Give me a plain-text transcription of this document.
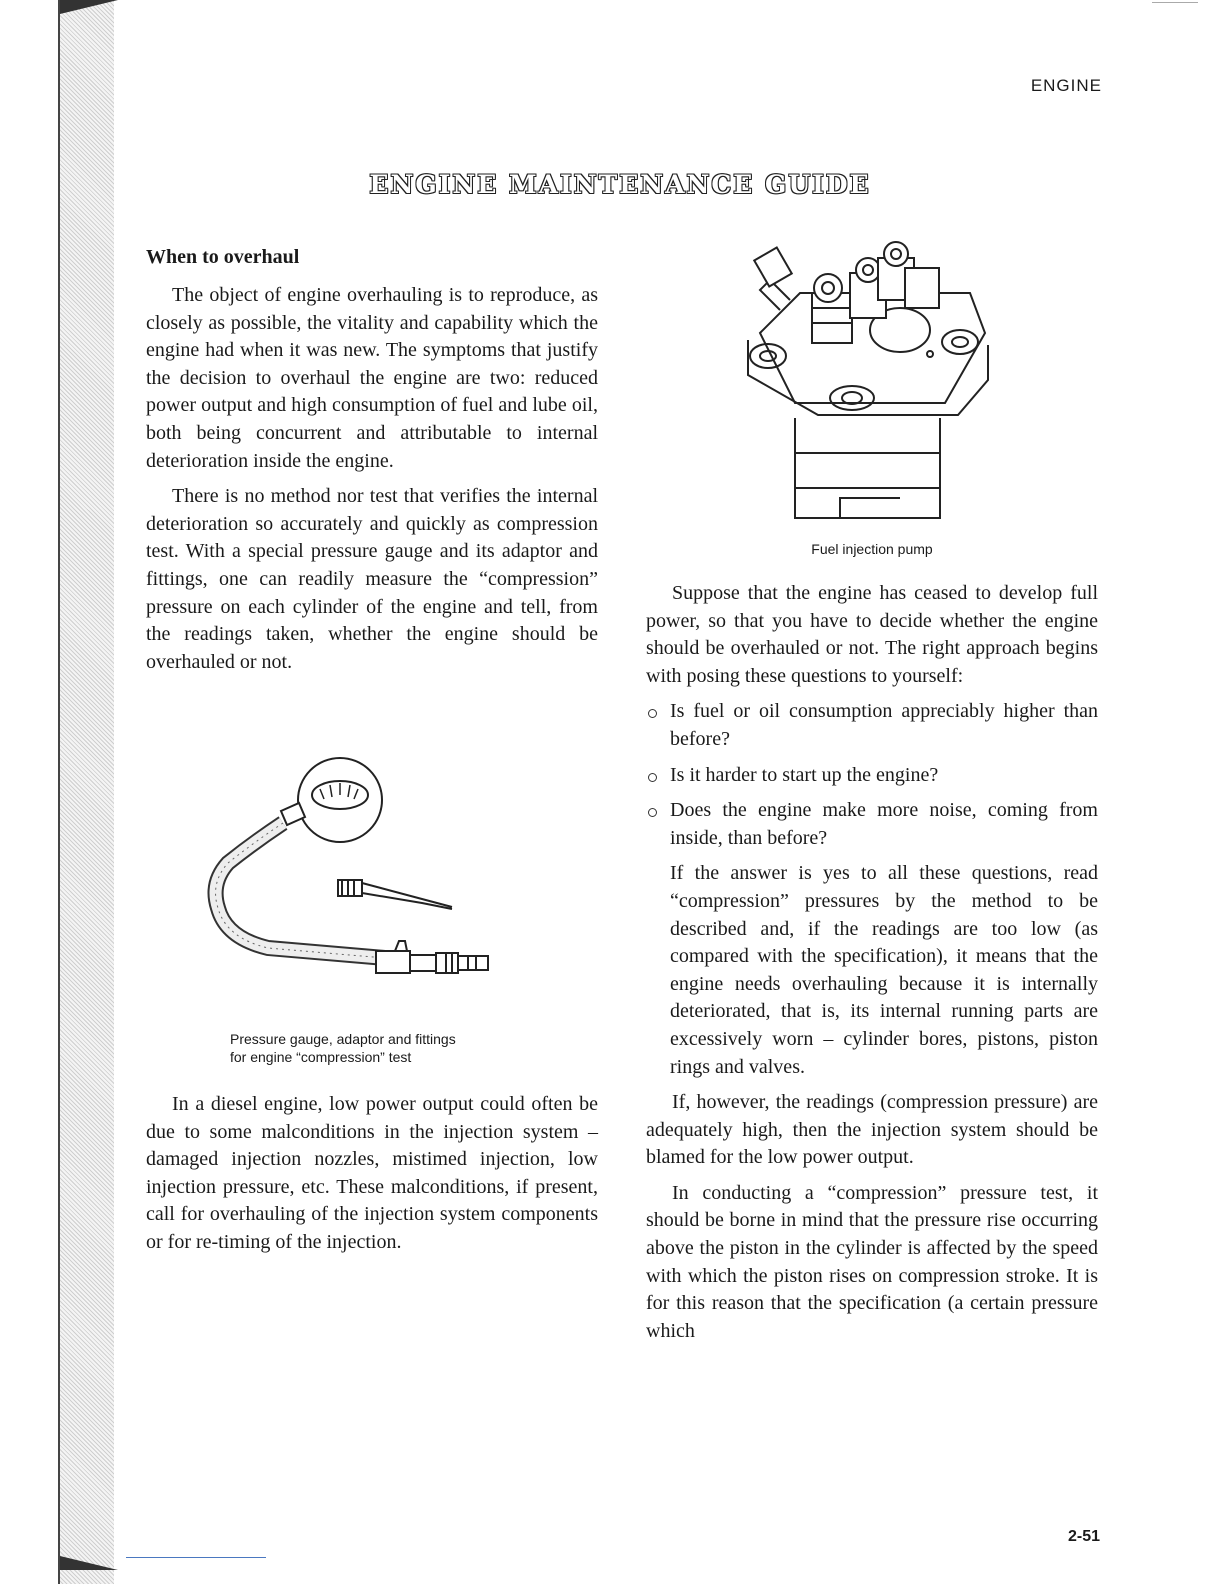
ENGINE
ENGINE MAINTENANCE GUIDE
When to overhaul

The object of engine overhauling is to reproduce, as closely as possible, the vitality and capability which the engine had when it was new. The symptoms that justify the decision to overhaul the engine are two: reduced power output and high consumption of fuel and lube oil, both being concurrent and attributable to internal deterioration inside the engine.

There is no method nor test that verifies the internal deterioration so accurately and quickly as compression test. With a special pressure gauge and its adaptor and fittings, one can readily measure the “compression” pressure on each cylinder of the engine and tell, from the readings taken, whether the engine should be overhauled or not.

Pressure gauge, adaptor and fittings
for engine “compression” test

In a diesel engine, low power output could often be due to some malconditions in the injection system – damaged injection nozzles, mistimed injection, low injection pressure, etc. These malconditions, if present, call for overhauling of the injection system components or for re-timing of the injection.

Fuel injection pump

Suppose that the engine has ceased to develop full power, so that you have to decide whether the engine should be overhauled or not. The right approach begins with posing these questions to yourself:

Is fuel or oil consumption appreciably higher than before?
Is it harder to start up the engine?
Does the engine make more noise, coming from inside, than before?

If the answer is yes to all these questions, read “compression” pressures by the method to be described and, if the readings are too low (as compared with the specification), it means that the engine needs overhauling because it is internally deteriorated, that is, its internal running parts are excessively worn – cylinder bores, pistons, piston rings and valves.

If, however, the readings (compression pressure) are adequately high, then the injection system should be blamed for the low power output.

In conducting a “compression” pressure test, it should be borne in mind that the pressure rise occurring above the piston in the cylinder is affected by the speed with which the piston rises on compression stroke. It is for this reason that the specification (a certain pressure which

2-51
